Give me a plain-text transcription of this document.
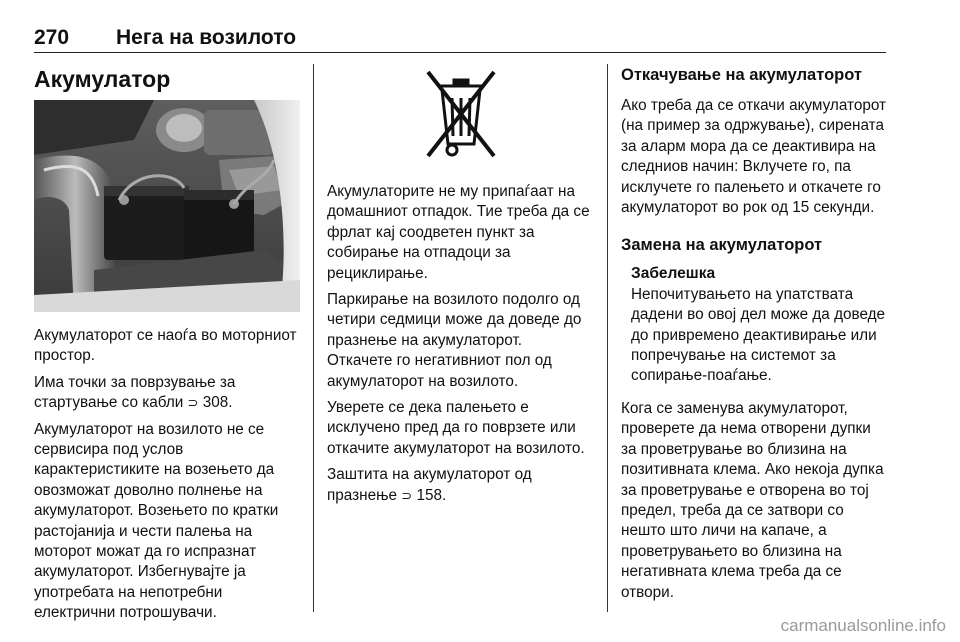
270 Нега на возилото
Акумулатор

Акумулаторот се наоѓа во моторниот простор.

Има точки за поврзување за стартување со кабли ⊃ 308.

Акумулаторот на возилото не се сервисира под услов карактеристиките на возењето да овозможат доволно полнење на акумулаторот. Возењето по кратки растојанија и чести палења на моторот можат да го испразнат акумулаторот. Избегнувајте ја употребата на непотребни електрични потрошувачи.

Акумулаторите не му припаѓаат на домашниот отпадок. Тие треба да се фрлат кај соодветен пункт за собирање на отпадоци за рециклирање.

Паркирање на возилото подолго од четири седмици може да доведе до празнење на акумулаторот.

Откачете го негативниот пол од акумулаторот на возилото.

Уверете се дека палењето е исклучено пред да го поврзете или откачите акумулаторот на возилото.

Заштита на акумулаторот од празнење ⊃ 158.

Откачување на акумулаторот

Ако треба да се откачи акумулаторот (на пример за одржување), сирената за аларм мора да се деактивира на следниов начин: Вклучете го, па исклучете го палењето и откачете го акумулаторот во рок од 15 секунди.

Замена на акумулаторот
Забелешка

Непочитувањето на упатствата дадени во овој дел може да доведе до привремено деактивирање или попречување на системот за сопирање-поаѓање.

Кога се заменува акумулаторот, проверете да нема отворени дупки за проветрување во близина на позитивната клема. Ако некоја дупка за проветрување е отворена во тој предел, треба да се затвори со нешто што личи на капаче, а проветрувањето во близина на негативната клема треба да се отвори.

carmanualsonline.info
